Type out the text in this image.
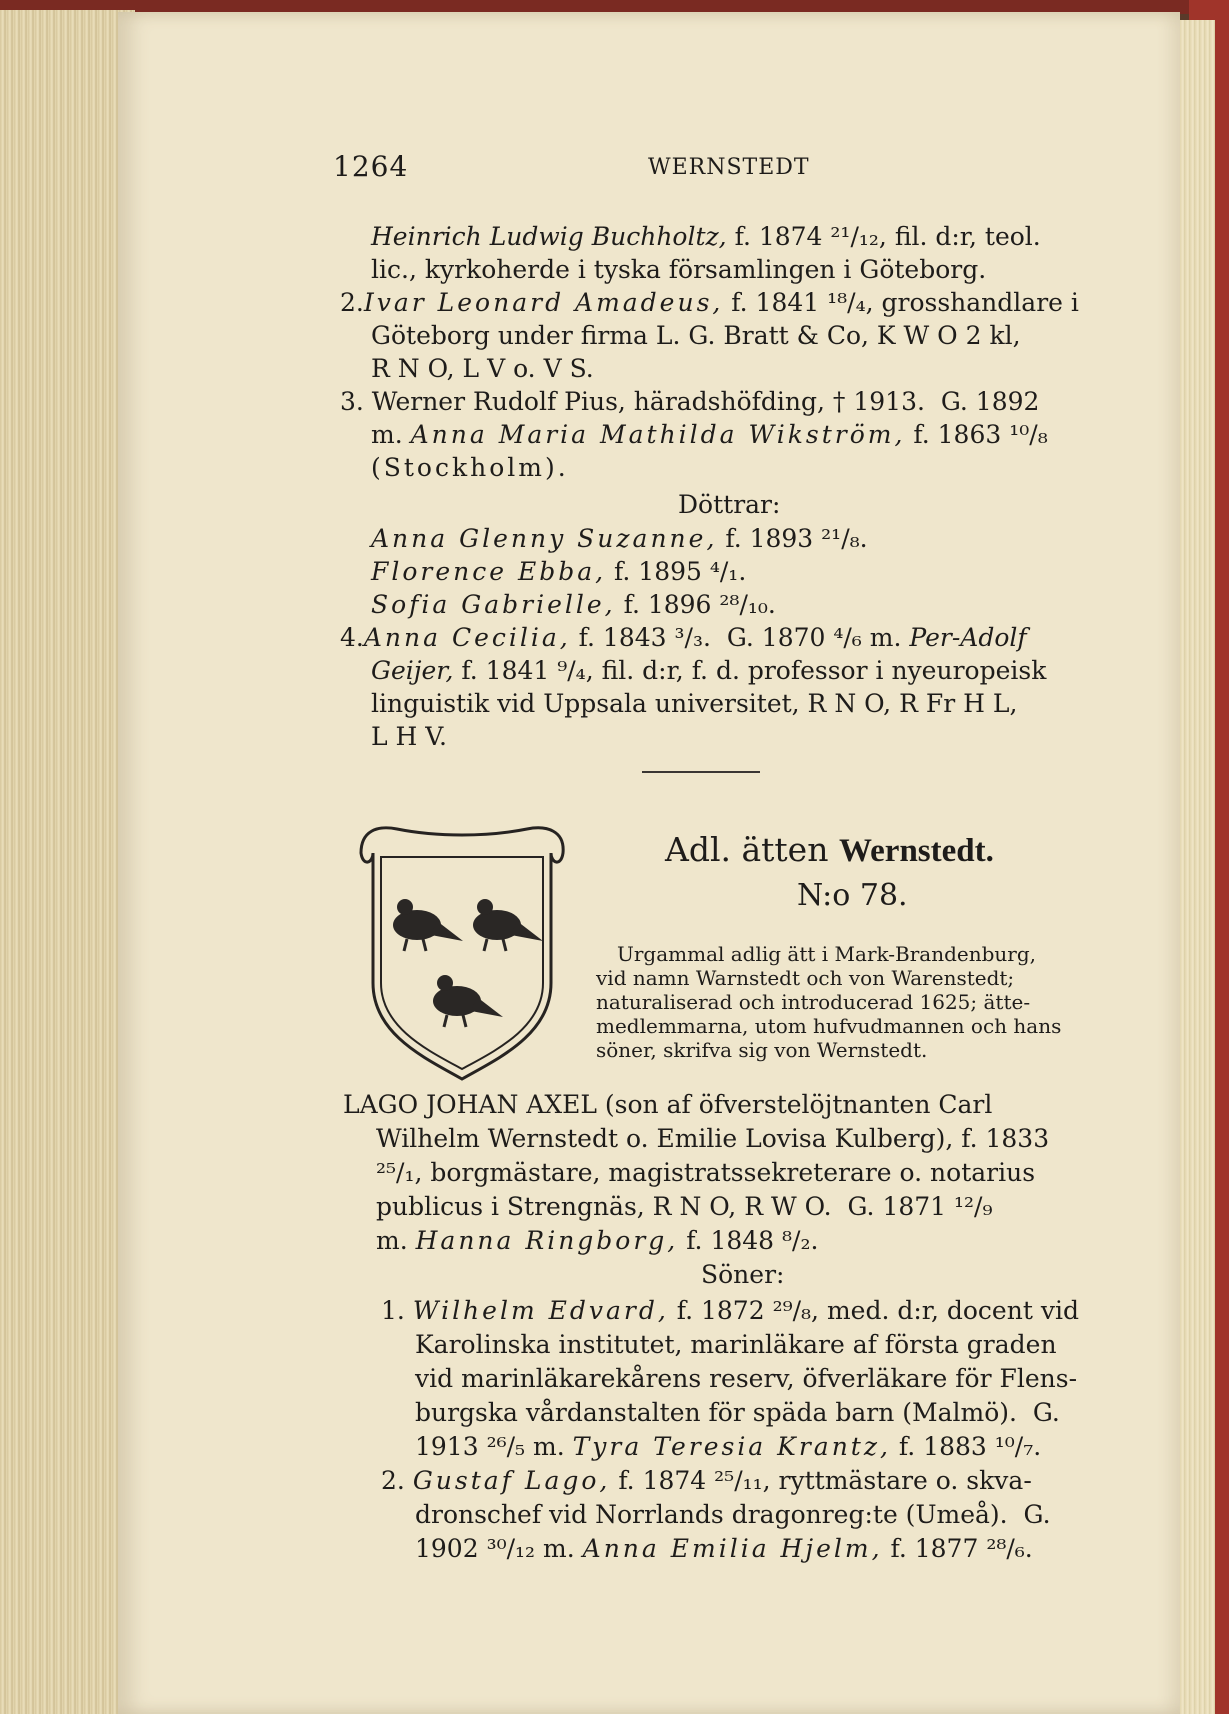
1264	WERNSTEDT
Heinrich Ludwig Buchholtz, f. 1874 ²¹/₁₂, fil. d:r, teol.
lic., kyrkoherde i tyska församlingen i Göteborg.
2.Ivar Leonard Amadeus, f. 1841 ¹⁸/₄, grosshandlare i
Göteborg under firma L. G. Bratt & Co, K W O 2 kl,
R N O, L V o. V S.
3. Werner Rudolf Pius, häradshöfding, † 1913.  G. 1892
m. Anna Maria Mathilda Wikström, f. 1863 ¹⁰/₈
(Stockholm).
Döttrar:
Anna Glenny Suzanne, f. 1893 ²¹/₈.
Florence Ebba, f. 1895 ⁴/₁.
Sofia Gabrielle, f. 1896 ²⁸/₁₀.
4.Anna Cecilia, f. 1843 ³/₃.  G. 1870 ⁴/₆ m. Per-Adolf
Geijer, f. 1841 ⁹/₄, fil. d:r, f. d. professor i nyeuropeisk
linguistik vid Uppsala universitet, R N O, R Fr H L,
L H V.
Adl. ätten Wernstedt.
N:o 78.
Urgammal adlig ätt i Mark-Brandenburg,
vid namn Warnstedt och von Warenstedt;
naturaliserad och introducerad 1625; ätte-
medlemmarna, utom hufvudmannen och hans
söner, skrifva sig von Wernstedt.
LAGO JOHAN AXEL (son af öfverstelöjtnanten Carl
Wilhelm Wernstedt o. Emilie Lovisa Kulberg), f. 1833
²⁵/₁, borgmästare, magistratssekreterare o. notarius
publicus i Strengnäs, R N O, R W O.  G. 1871 ¹²/₉
m. Hanna Ringborg, f. 1848 ⁸/₂.
Söner:
1. Wilhelm Edvard, f. 1872 ²⁹/₈, med. d:r, docent vid
Karolinska institutet, marinläkare af första graden
vid marinläkarekårens reserv, öfverläkare för Flens-
burgska vårdanstalten för späda barn (Malmö).  G.
1913 ²⁶/₅ m. Tyra Teresia Krantz, f. 1883 ¹⁰/₇.
2. Gustaf Lago, f. 1874 ²⁵/₁₁, ryttmästare o. skva-
dronschef vid Norrlands dragonreg:te (Umeå).  G.
1902 ³⁰/₁₂ m. Anna Emilia Hjelm, f. 1877 ²⁸/₆.
